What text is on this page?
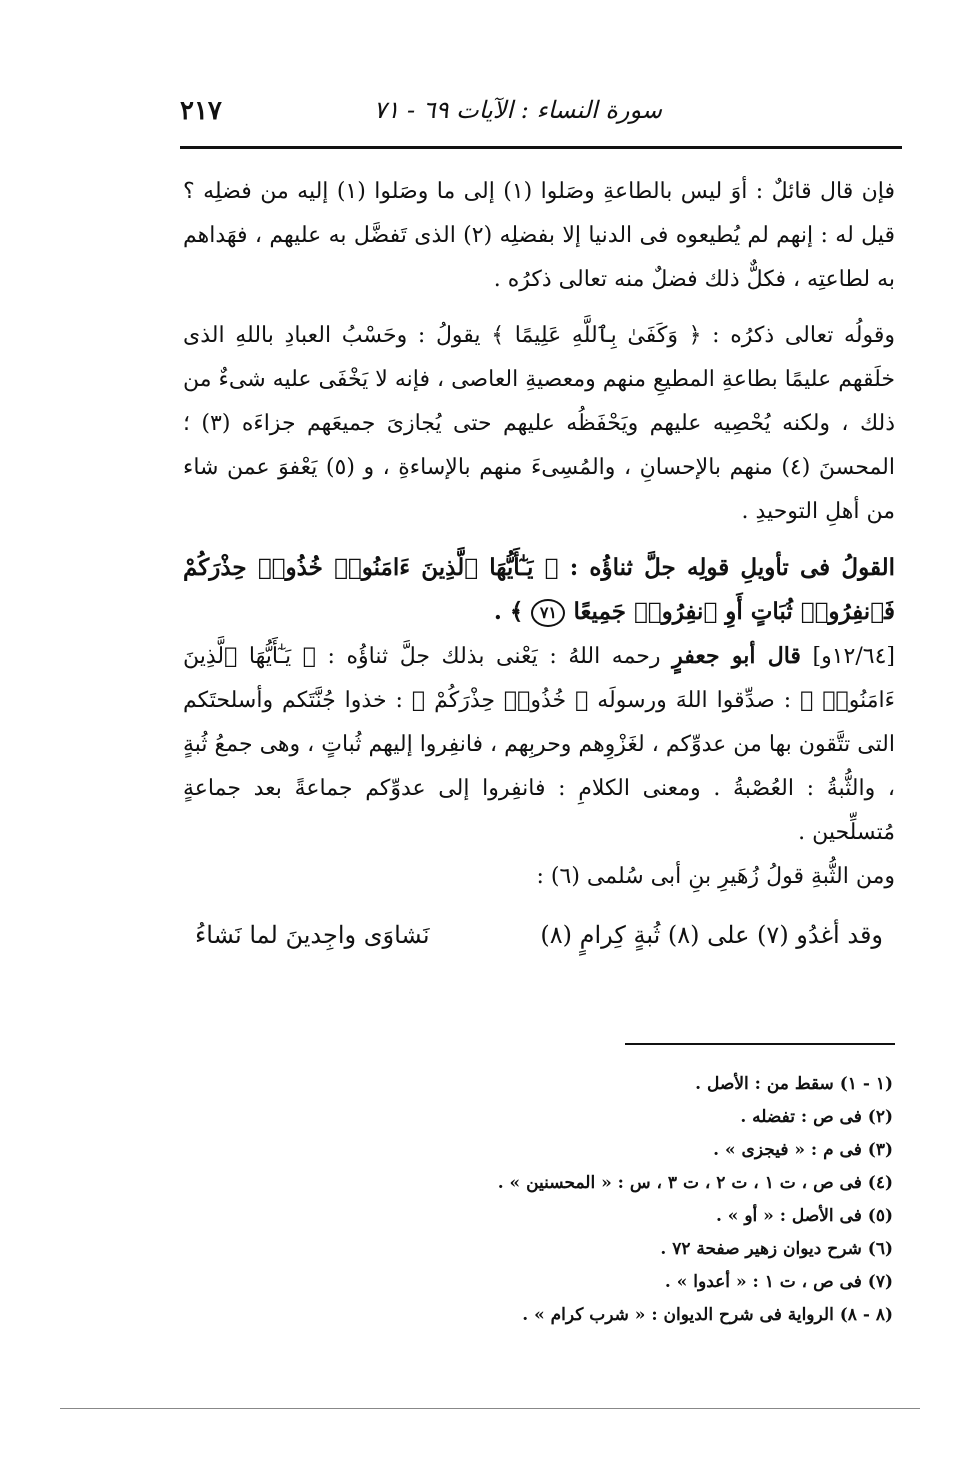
٢١٧	سورة النساء : الآيات ٦٩ - ٧١

فإن قال قائلٌ : أوَ ليس بالطاعةِ وصَلوا (١) إلى ما وصَلوا (١) إليه من فضلِه ؟ قيل له : إنهم لم يُطيعوه فى الدنيا إلا بفضلِه (٢) الذى تَفضَّل به عليهم ، فهَداهم به لطاعتِه ، فكلٌّ ذلك فضلٌ منه تعالى ذكرُه .

وقولُه تعالى ذكرُه : ﴿ وَكَفَىٰ بِٱللَّهِ عَلِيمًا ﴾ يقولُ : وحَسْبُ العبادِ باللهِ الذى خلَقهم عليمًا بطاعةِ المطيعِ منهم ومعصيةِ العاصى ، فإنه لا يَخْفَى عليه شىءٌ من ذلك ، ولكنه يُحْصِيه عليهم ويَحْفَظُه عليهم حتى يُجازىَ جميعَهم جزاءَه (٣) ؛ المحسنَ (٤) منهم بالإحسانِ ، والمُسِىءَ منهم بالإساءةِ ، و (٥) يَعْفوَ عمن شاء من أهلِ التوحيدِ .

القولُ فى تأويلِ قولِه جلَّ ثناؤُه : ﴿ يَـٰٓأَيُّهَا ٱلَّذِينَ ءَامَنُوا۟ خُذُوا۟ حِذْرَكُمْ فَٱنفِرُوا۟ ثُبَاتٍ أَوِ ٱنفِرُوا۟ جَمِيعًا ٧١ ﴾ .

[١٢/٦٤و] قال أبو جعفرٍ رحمه اللهُ : يَعْنى بذلك جلَّ ثناؤُه : ﴿ يَـٰٓأَيُّهَا ٱلَّذِينَ ءَامَنُوا۟ ﴾ : صدِّقوا اللهَ ورسولَه ﴿ خُذُوا۟ حِذْرَكُمْ ﴾ : خذوا جُنَّتَكم وأسلحتَكم التى تتَّقون بها من عدوِّكم ، لغَزْوِهم وحربِهم ، فانفِروا إليهم ثُباتٍ ، وهى جمعُ ثُبةٍ ، والثُّبةُ : العُصْبةُ . ومعنى الكلامِ : فانفِروا إلى عدوِّكم جماعةً بعد جماعةٍ مُتسلِّحين .

ومن الثُّبةِ قولُ زُهَيرِ بنِ أبى سُلمى (٦) :

وقد أغدُو (٧) على (٨) ثُبةٍ كِرامٍ (٨)
نَشاوَى واجِدينَ لما نَشاءُ
(١ - ١) سقط من : الأصل .
(٢) فى ص : تفضله .
(٣) فى م : « فيجزى » .
(٤) فى ص ، ت ١ ، ت ٢ ، ت ٣ ، س : « المحسنين » .
(٥) فى الأصل : « أو » .
(٦) شرح ديوان زهير صفحة ٧٢ .
(٧) فى ص ، ت ١ : « أعدوا » .
(٨ - ٨) الرواية فى شرح الديوان : « شرب كرام » .
